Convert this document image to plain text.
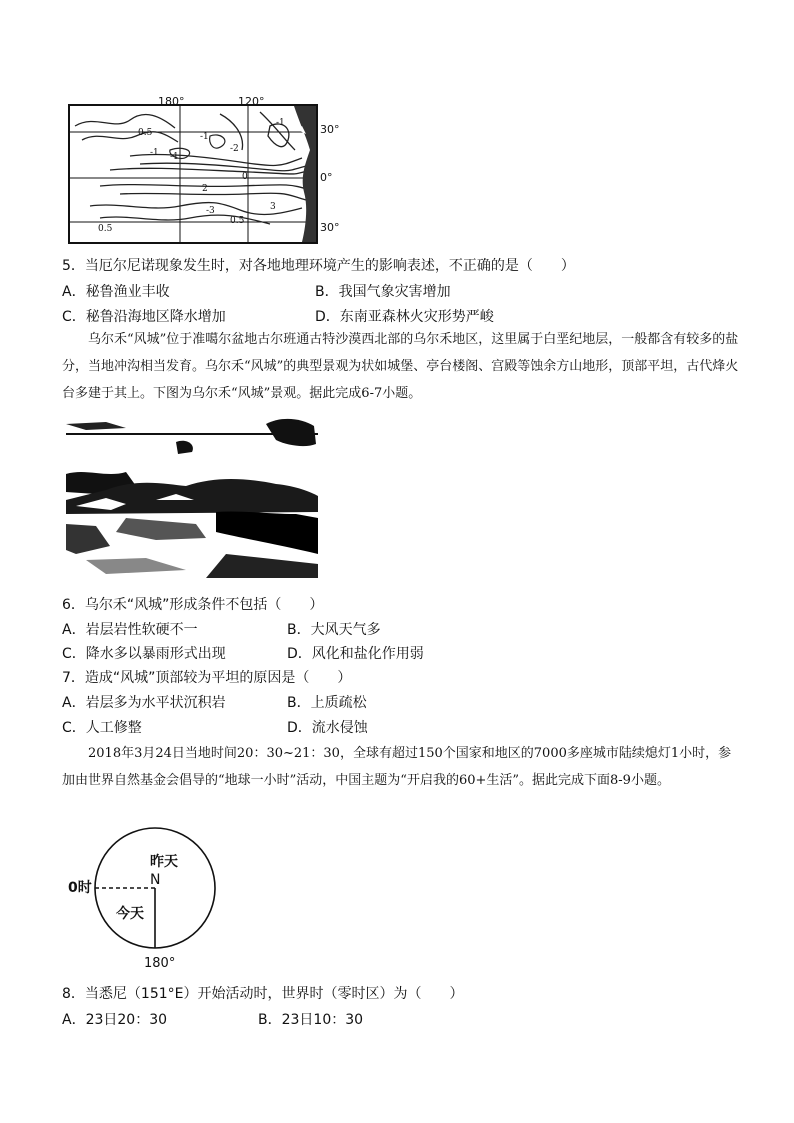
0.5	-1
-1 -1
-2
-3
-1
0.5
0.5
0
2
3
180°	120°
30°
0°
30°
5．当厄尔尼诺现象发生时，对各地地理环境产生的影响表述，不正确的是（　　）
A．秘鲁渔业丰收	B．我国气象灾害增加
C．秘鲁沿海地区降水增加	D．东南亚森林火灾形势严峻
乌尔禾“风城”位于准噶尔盆地古尔班通古特沙漠西北部的乌尔禾地区，这里属于白垩纪地层，一般都含有较多的盐分，当地冲沟相当发育。乌尔禾“风城”的典型景观为状如城堡、亭台楼阁、宫殿等蚀余方山地形，顶部平坦，古代烽火台多建于其上。下图为乌尔禾“风城”景观。据此完成6-7小题。
6．乌尔禾“风城”形成条件不包括（　　）
A．岩层岩性软硬不一	B．大风天气多
C．降水多以暴雨形式出现	D．风化和盐化作用弱
7．造成“风城”顶部较为平坦的原因是（　　）
A．岩层多为水平状沉积岩	B．上质疏松
C．人工修整	D．流水侵蚀
2018年3月24日当地时间20：30~21：30，全球有超过150个国家和地区的7000多座城市陆续熄灯1小时，参加由世界自然基金会倡导的“地球一小时”活动，中国主题为“开启我的60+生活”。据此完成下面8-9小题。
0时
昨天
N
今天
180°
8．当悉尼（151°E）开始活动时，世界时（零时区）为（　　）
A．23日20：30	B．23日10：30
